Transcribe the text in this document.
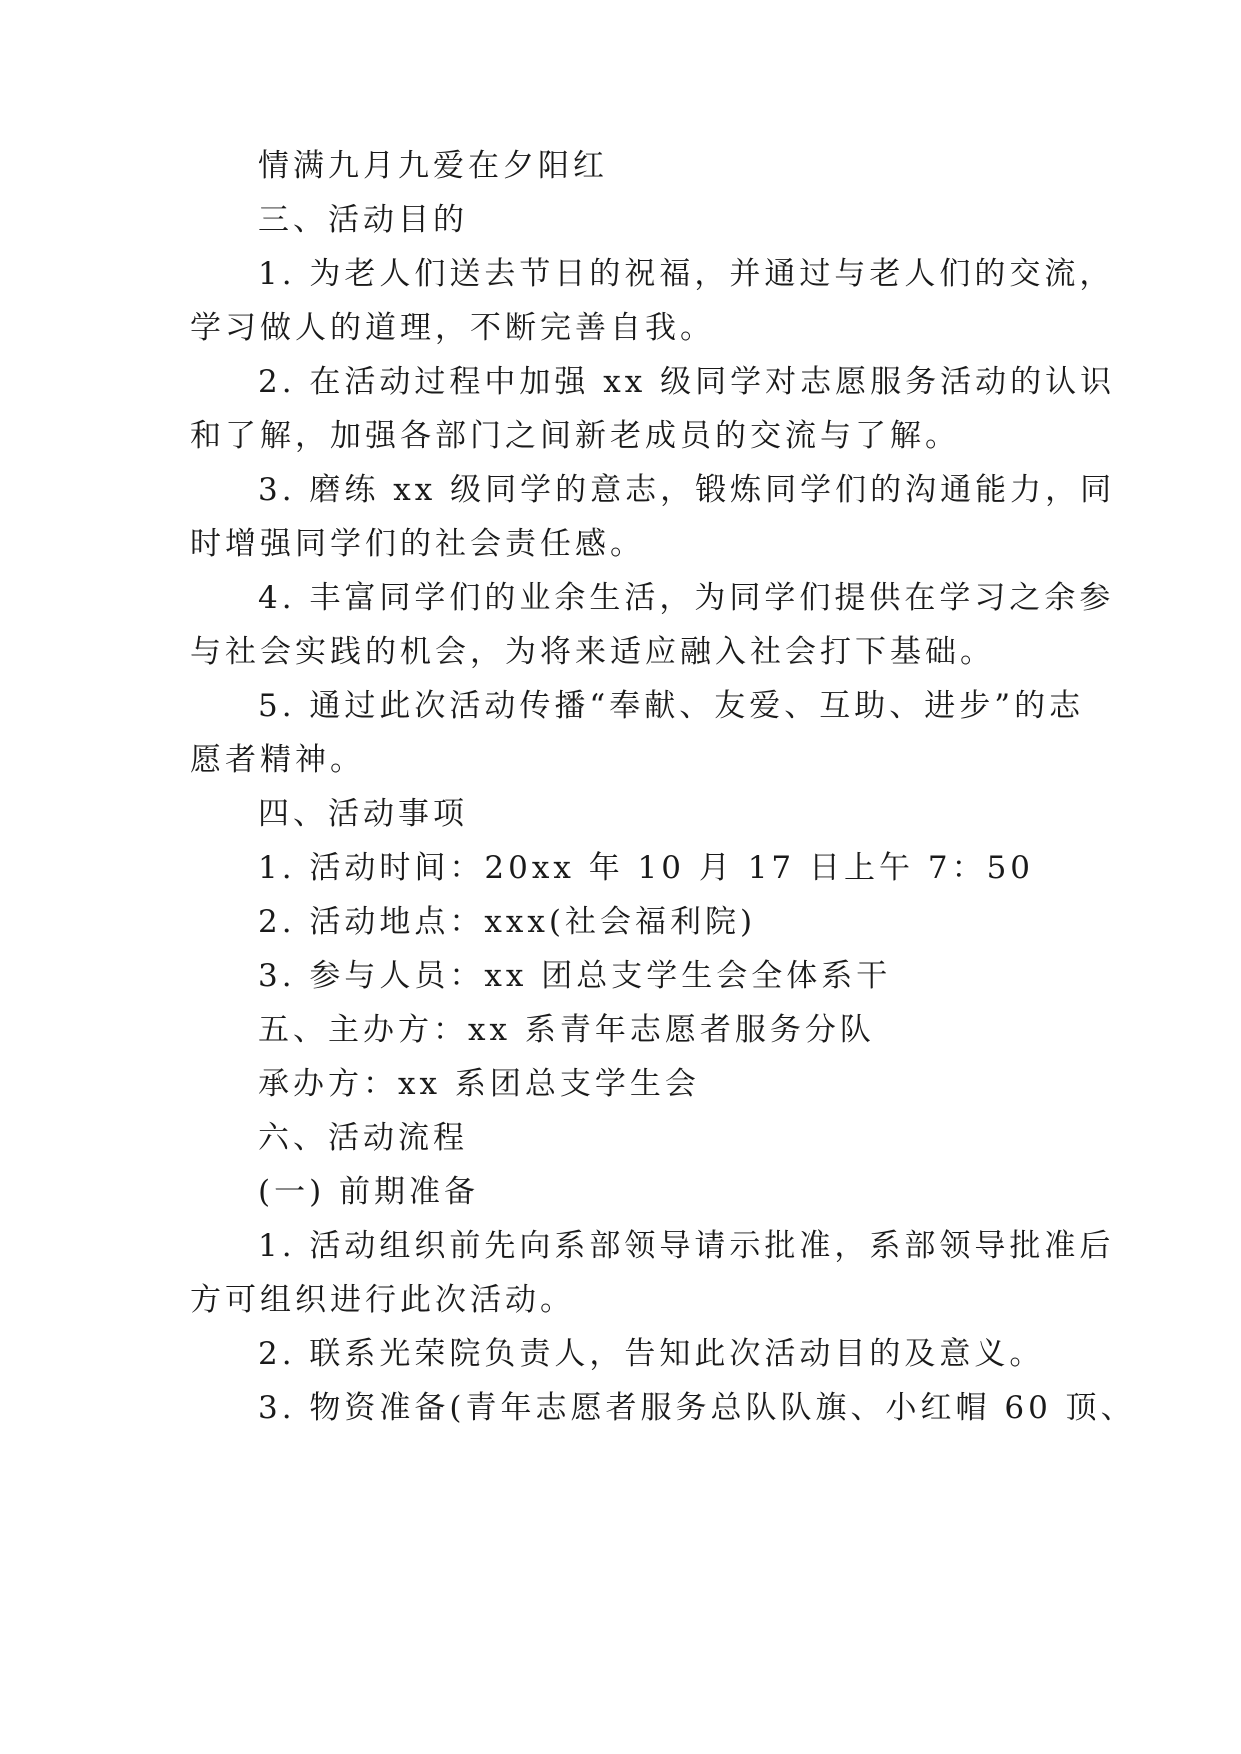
情满九月九爱在夕阳红
三、活动目的
1. 为老人们送去节日的祝福，并通过与老人们的交流，
学习做人的道理，不断完善自我。
2. 在活动过程中加强 xx 级同学对志愿服务活动的认识
和了解，加强各部门之间新老成员的交流与了解。
3. 磨练 xx 级同学的意志，锻炼同学们的沟通能力，同
时增强同学们的社会责任感。
4. 丰富同学们的业余生活，为同学们提供在学习之余参
与社会实践的机会，为将来适应融入社会打下基础。
5. 通过此次活动传播“奉献、友爱、互助、进步”的志
愿者精神。
四、活动事项
1. 活动时间：20xx 年 10 月 17 日上午 7：50
2. 活动地点：xxx(社会福利院)
3. 参与人员：xx 团总支学生会全体系干
五、主办方：xx 系青年志愿者服务分队
承办方：xx 系团总支学生会
六、活动流程
(一) 前期准备
1. 活动组织前先向系部领导请示批准，系部领导批准后
方可组织进行此次活动。
2. 联系光荣院负责人，告知此次活动目的及意义。
3. 物资准备(青年志愿者服务总队队旗、小红帽 60 顶、
